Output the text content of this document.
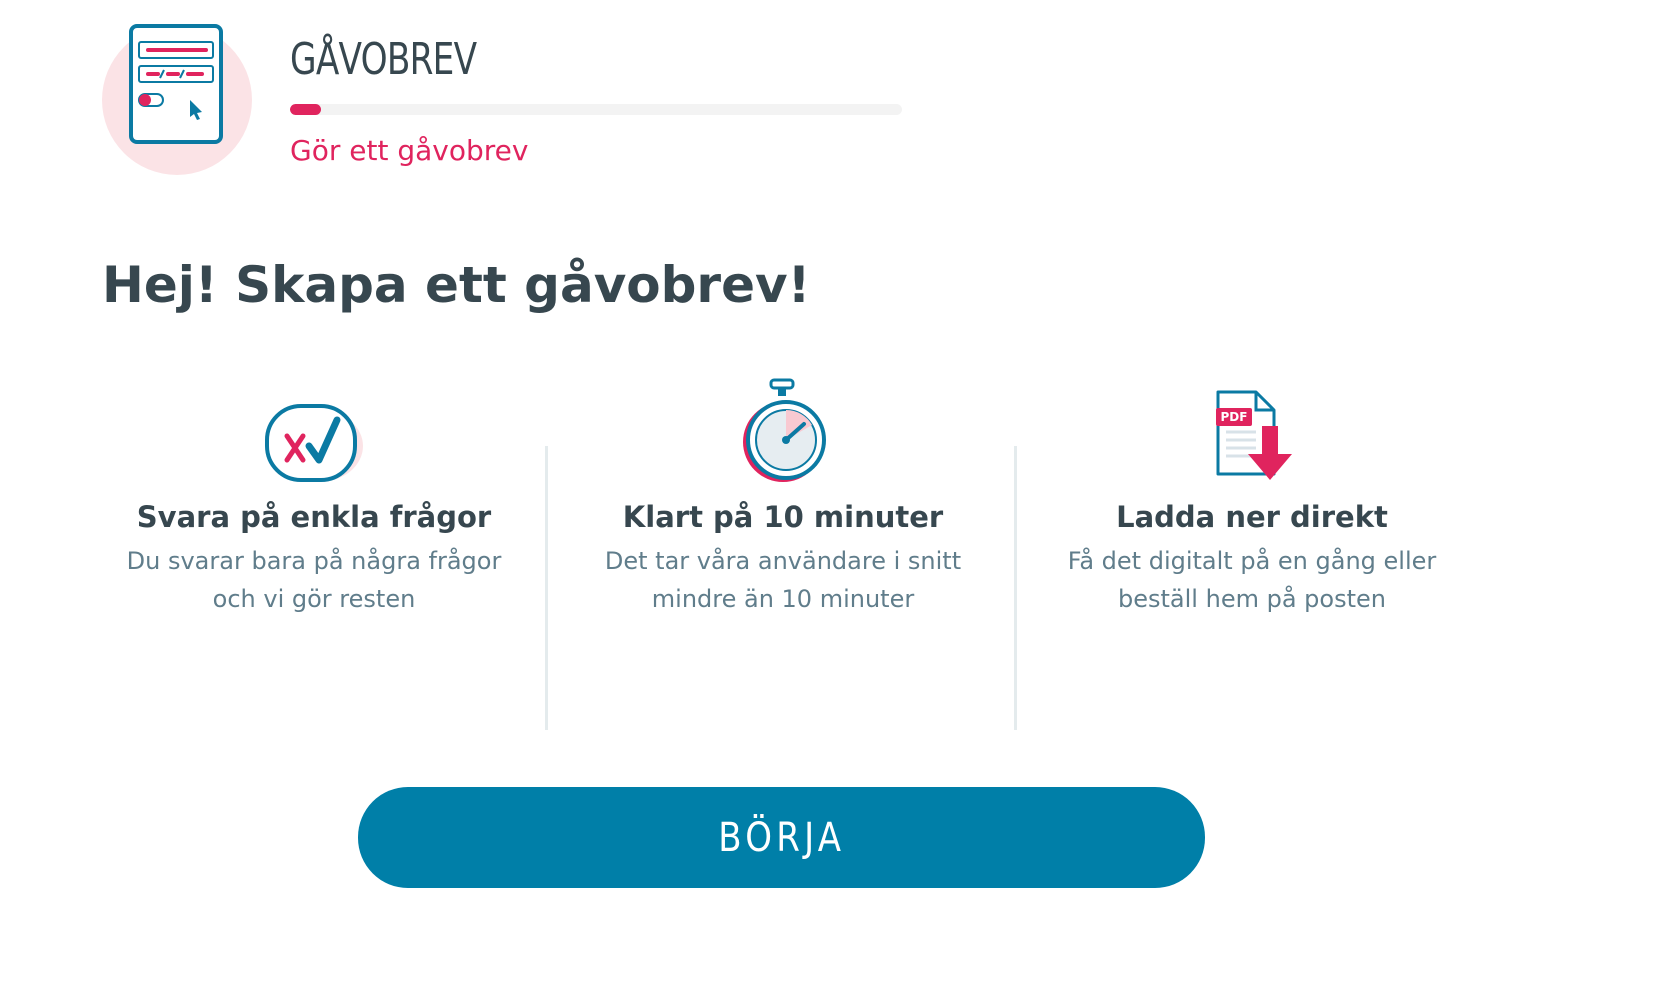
GÅVOBREV

Gör ett gåvobrev

Hej! Skapa ett gåvobrev!
Svara på enkla frågor

Du svarar bara på några frågor och vi gör resten

Klart på 10 minuter

Det tar våra användare i snitt mindre än 10 minuter

PDF
Ladda ner direkt

Få det digitalt på en gång eller beställ hem på posten

BÖRJA
